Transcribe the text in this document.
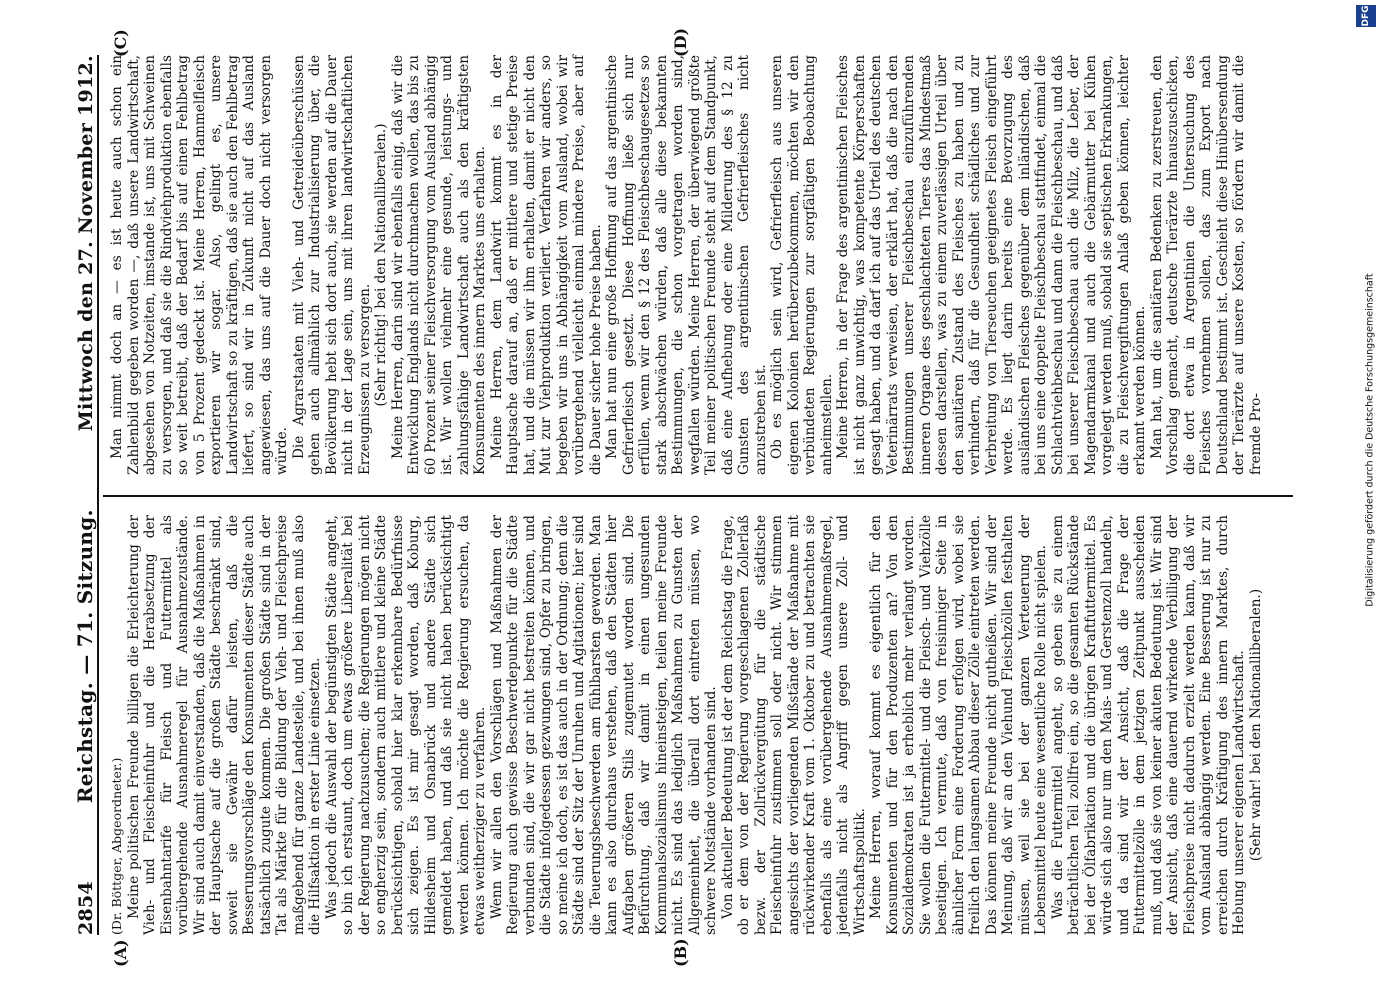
2854
Reichstag. — 71. Sitzung.
Mittwoch den 27. November 1912.
(A)	(B)
(C)	(D)

(Dr. Böttger, Abgeordneter.) Meine politischen Freunde billigen die Erleichterung der Vieh- und Fleischeinfuhr und die Herabsetzung der Eisenbahntarife für Fleisch und Futtermittel als vorübergehende Ausnahmeregel für Ausnahmezustände. Wir sind auch damit einverstanden, daß die Maßnahmen in der Hauptsache auf die großen Städte beschränkt sind, soweit sie Gewähr dafür leisten, daß die Besserungsvorschläge den Konsumenten dieser Städte auch tatsächlich zugute kommen. Die großen Städte sind in der Tat als Märkte für die Bildung der Vieh- und Fleischpreise maßgebend für ganze Landesteile, und bei ihnen muß also die Hilfsaktion in erster Linie einsetzen. Was jedoch die Auswahl der begünstigten Städte angeht, so bin ich erstaunt, doch um etwas größere Liberalität bei der Regierung nachzusuchen; die Regierungen mögen nicht so engherzig sein, sondern auch mittlere und kleine Städte berücksichtigen, sobald hier klar erkennbare Bedürfnisse sich zeigen. Es ist mir gesagt worden, daß Koburg, Hildesheim und Osnabrück und andere Städte sich gemeldet haben, und daß sie nicht haben berücksichtigt werden können. Ich möchte die Regierung ersuchen, da etwas weitherziger zu verfahren. Wenn wir allen den Vorschlägen und Maßnahmen der Regierung auch gewisse Beschwerdepunkte für die Städte verbunden sind, die wir gar nicht bestreiten können, und die Städte infolgedessen gezwungen sind, Opfer zu bringen, so meine ich doch, es ist das auch in der Ordnung; denn die Städte sind der Sitz der Unruhen und Agitationen; hier sind die Teuerungsbeschwerden am fühlbarsten geworden. Man kann es also durchaus verstehen, daß den Städten hier Aufgaben größeren Stils zugemutet worden sind. Die Befürchtung, daß wir damit in einen ungesunden Kommunalsozialismus hineinsteigen, teilen meine Freunde nicht. Es sind das lediglich Maßnahmen zu Gunsten der Allgemeinheit, die überall dort eintreten müssen, wo schwere Notstände vorhanden sind. Von aktueller Bedeutung ist der dem Reichstag die Frage, ob er dem von der Regierung vorgeschlagenen Zollerlaß bezw. der Zollrückvergütung für die städtische Fleischeinfuhr zustimmen soll oder nicht. Wir stimmen angesichts der vorliegenden Mißstände der Maßnahme mit rückwirkender Kraft vom 1. Oktober zu und betrachten sie ebenfalls als eine vorübergehende Ausnahmemaßregel, jedenfalls nicht als Angriff gegen unsere Zoll- und Wirtschaftspolitik. Meine Herren, worauf kommt es eigentlich für den Konsumenten und für den Produzenten an? Von den Sozialdemokraten ist ja erheblich mehr verlangt worden. Sie wollen die Futtermittel- und die Fleisch- und Viehzölle beseitigen. Ich vermute, daß von freisinniger Seite in ähnlicher Form eine Forderung erfolgen wird, wobei sie freilich den langsamen Abbau dieser Zölle eintreten werden. Das können meine Freunde nicht gutheißen. Wir sind der Meinung, daß wir an den Viehund Fleischzöllen festhalten müssen, weil sie bei der ganzen Verteuerung der Lebensmittel heute eine wesentliche Rolle nicht spielen. Was die Futtermittel angeht, so geben sie zu einem beträchtlichen Teil zollfrei ein, so die gesamten Rückstände bei der Ölfabrikation und die übrigen Kraftfuttermittel. Es würde sich also nur um den Mais- und Gerstenzoll handeln, und da sind wir der Ansicht, daß die Frage der Futtermittelzölle in dem jetzigen Zeitpunkt ausscheiden muß, und daß sie von keiner akuten Bedeutung ist. Wir sind der Ansicht, daß eine dauernd wirkende Verbilligung der Fleischpreise nicht dadurch erzielt werden kann, daß wir vom Ausland abhängig werden. Eine Besserung ist nur zu erreichen durch Kräftigung des innern Marktes, durch Hebung unserer eigenen Landwirtschaft. (Sehr wahr! bei den Nationalliberalen.)

Man nimmt doch an — es ist heute auch schon ein Zahlenbild gegeben worden —, daß unsere Landwirtschaft, abgesehen von Notzeiten, imstande ist, uns mit Schweinen zu versorgen, und daß sie die Rindviehproduktion ebenfalls so weit betreibt, daß der Bedarf bis auf einen Fehlbetrag von 5 Prozent gedeckt ist. Meine Herren, Hammelfleisch exportieren wir sogar. Also, gelingt es, unsere Landwirtschaft so zu kräftigen, daß sie auch den Fehlbetrag liefert, so sind wir in Zukunft nicht auf das Ausland angewiesen, das uns auf die Dauer doch nicht versorgen würde. Die Agrarstaaten mit Vieh- und Getreideüberschüssen gehen auch allmählich zur Industrialisierung über, die Bevölkerung hebt sich dort auch, sie werden auf die Dauer nicht in der Lage sein, uns mit ihren landwirtschaftlichen Erzeugnissen zu versorgen. (Sehr richtig! bei den Nationalliberalen.) Meine Herren, darin sind wir ebenfalls einig, daß wir die Entwicklung Englands nicht durchmachen wollen, das bis zu 60 Prozent seiner Fleischversorgung vom Ausland abhängig ist. Wir wollen vielmehr eine gesunde, leistungs- und zahlungsfähige Landwirtschaft auch als den kräftigsten Konsumenten des innern Marktes uns erhalten. Meine Herren, dem Landwirt kommt es in der Hauptsache darauf an, daß er mittlere und stetige Preise hat, und die müssen wir ihm erhalten, damit er nicht den Mut zur Viehproduktion verliert. Verfahren wir anders, so begeben wir uns in Abhängigkeit vom Ausland, wobei wir vorübergehend vielleicht einmal mindere Preise, aber auf die Dauer sicher hohe Preise haben. Man hat nun eine große Hoffnung auf das argentinische Gefrierfleisch gesetzt. Diese Hoffnung ließe sich nur erfüllen, wenn wir den § 12 des Fleischbeschaugesetzes so stark abschwächen würden, daß alle diese bekannten Bestimmungen, die schon vorgetragen worden sind, wegfallen würden. Meine Herren, der überwiegend größte Teil meiner politischen Freunde steht auf dem Standpunkt, daß eine Aufhebung oder eine Milderung des § 12 zu Gunsten des argentinischen Gefrierfleisches nicht anzustreben ist. Ob es möglich sein wird, Gefrierfleisch aus unseren eigenen Kolonien herüberzubekommen, möchten wir den verbündeten Regierungen zur sorgfältigen Beobachtung anheimstellen. Meine Herren, in der Frage des argentinischen Fleisches ist nicht ganz unwichtig, was kompetente Körperschaften gesagt haben, und da darf ich auf das Urteil des deutschen Veterinärrats verweisen, der erklärt hat, daß die nach den Bestimmungen unserer Fleischbeschau einzuführenden inneren Organe des geschlachteten Tieres das Mindestmaß dessen darstellen, was zu einem zuverlässigen Urteil über den sanitären Zustand des Fleisches zu haben und zu verhindern, daß für die Gesundheit schädliches und zur Verbreitung von Tierseuchen geeignetes Fleisch eingeführt werde. Es liegt darin bereits eine Bevorzugung des ausländischen Fleisches gegenüber dem inländischen, daß bei uns eine doppelte Fleischbeschau stattfindet, einmal die Schlachtviehbeschau und dann die Fleischbeschau, und daß bei unserer Fleischbeschau auch die Milz, die Leber, der Magendarmkanal und auch die Gebärmutter bei Kühen vorgelegt werden muß, sobald sie septischen Erkrankungen, die zu Fleischvergiftungen Anlaß geben können, leichter erkannt werden können. Man hat, um die sanitären Bedenken zu zerstreuen, den Vorschlag gemacht, deutsche Tierärzte hinauszuschicken, die dort etwa in Argentinien die Untersuchung des Fleisches vornehmen sollen, das zum Export nach Deutschland bestimmt ist. Geschieht diese Hinübersendung der Tierärzte auf unsere Kosten, so fördern wir damit die fremde Pro-

DFG
Digitalisierung gefördert durch die Deutsche Forschungsgemeinschaft
